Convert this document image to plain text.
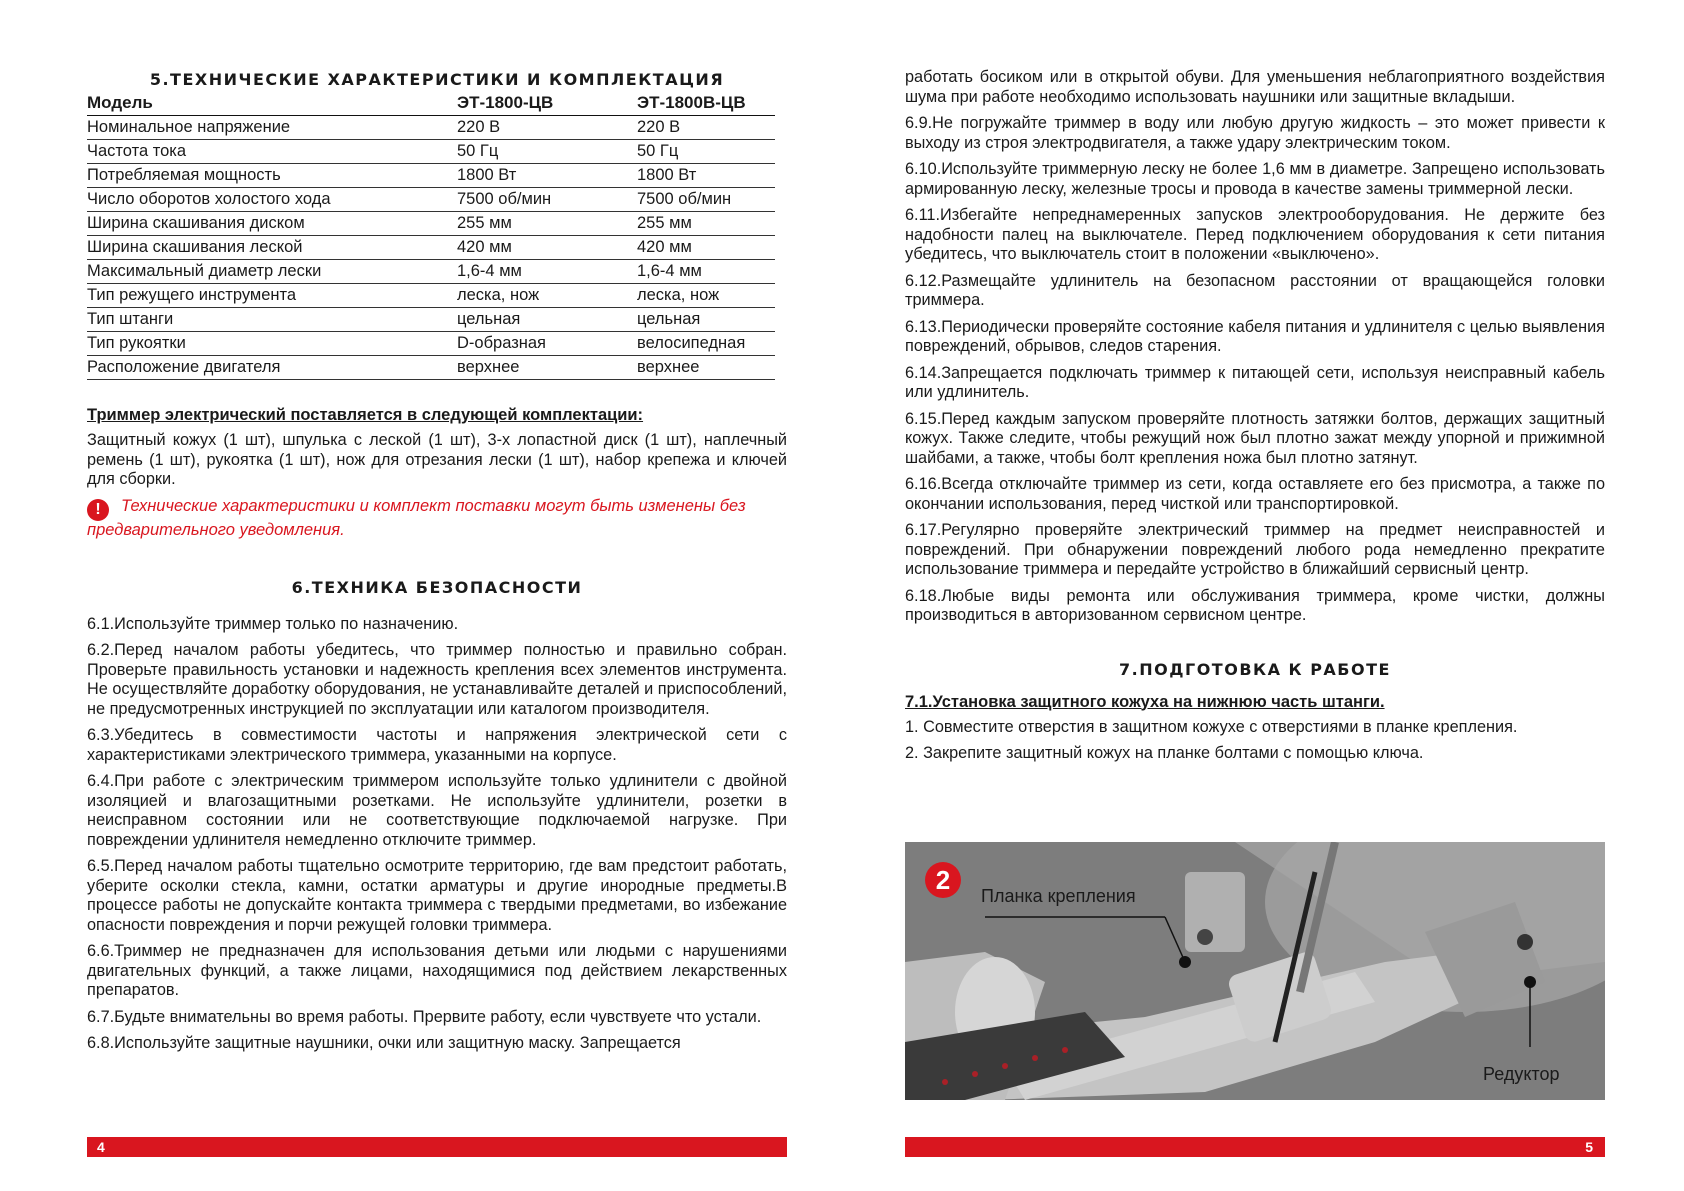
5.ТЕХНИЧЕСКИЕ ХАРАКТЕРИСТИКИ И КОМПЛЕКТАЦИЯ
Модель	ЭТ-1800-ЦВ	ЭТ-1800В-ЦВ
Номинальное напряжение	220 В	220 В
Частота тока	50 Гц	50 Гц
Потребляемая мощность	1800 Вт	1800 Вт
Число оборотов холостого хода	7500 об/мин	7500 об/мин
Ширина скашивания диском	255 мм	255 мм
Ширина скашивания леской	420 мм	420 мм
Максимальный диаметр лески	1,6-4 мм	1,6-4 мм
Тип режущего инструмента	леска, нож	леска, нож
Тип штанги	цельная	цельная
Тип рукоятки	D-образная	велосипедная
Расположение двигателя	верхнее	верхнее

Триммер электрический поставляется в следующей комплектации:

Защитный кожух (1 шт), шпулька с леской (1 шт), 3-х лопастной диск (1 шт), наплечный ремень (1 шт), рукоятка (1 шт), нож для отрезания лески (1 шт), набор крепежа и ключей для сборки.

! Технические характеристики и комплект поставки могут быть изменены без предварительного уведомления.

6.ТЕХНИКА БЕЗОПАСНОСТИ

6.1.Используйте триммер только по назначению.

6.2.Перед началом работы убедитесь, что триммер полностью и правильно собран. Проверьте правильность установки и надежность крепления всех элементов инструмента. Не осуществляйте доработку оборудования, не устанавливайте деталей и приспособлений, не предусмотренных инструкцией по эксплуатации или каталогом производителя.

6.3.Убедитесь в совместимости частоты и напряжения электрической сети с характеристиками электрического триммера, указанными на корпусе.

6.4.При работе с электрическим триммером используйте только удлинители с двойной изоляцией и влагозащитными розетками. Не используйте удлинители, розетки в неисправном состоянии или не соответствующие подключаемой нагрузке. При повреждении удлинителя немедленно отключите триммер.

6.5.Перед началом работы тщательно осмотрите территорию, где вам предстоит работать, уберите осколки стекла, камни, остатки арматуры и другие инородные предметы.В процессе работы не допускайте контакта триммера с твердыми предметами, во избежание опасности повреждения и порчи режущей головки триммера.

6.6.Триммер не предназначен для использования детьми или людьми с нарушениями двигательных функций, а также лицами, находящимися под действием лекарственных препаратов.

6.7.Будьте внимательны во время работы. Прервите работу, если чувствуете что устали.

6.8.Используйте защитные наушники, очки или защитную маску. Запрещается

работать босиком или в открытой обуви. Для уменьшения неблагоприятного воздействия шума при работе необходимо использовать наушники или защитные вкладыши.

6.9.Не погружайте триммер в воду или любую другую жидкость – это может привести к выходу из строя электродвигателя, а также удару электрическим током.

6.10.Используйте триммерную леску не более 1,6 мм в диаметре. Запрещено использовать армированную леску, железные тросы и провода в качестве замены триммерной лески.

6.11.Избегайте непреднамеренных запусков электрооборудования. Не держите без надобности палец на выключателе. Перед подключением оборудования к сети питания убедитесь, что выключатель стоит в положении «выключено».

6.12.Размещайте удлинитель на безопасном расстоянии от вращающейся головки триммера.

6.13.Периодически проверяйте состояние кабеля питания и удлинителя с целью выявления повреждений, обрывов, следов старения.

6.14.Запрещается подключать триммер к питающей сети, используя неисправный кабель или удлинитель.

6.15.Перед каждым запуском проверяйте плотность затяжки болтов, держащих защитный кожух. Также следите, чтобы режущий нож был плотно зажат между упорной и прижимной шайбами, а также, чтобы болт крепления ножа был плотно затянут.

6.16.Всегда отключайте триммер из сети, когда оставляете его без присмотра, а также по окончании использования, перед чисткой или транспортировкой.

6.17.Регулярно проверяйте электрический триммер на предмет неисправностей и повреждений. При обнаружении повреждений любого рода немедленно прекратите использование триммера и передайте устройство в ближайший сервисный центр.

6.18.Любые виды ремонта или обслуживания триммера, кроме чистки, должны производиться в авторизованном сервисном центре.

7.ПОДГОТОВКА К РАБОТЕ

7.1.Установка защитного кожуха на нижнюю часть штанги.

1. Совместите отверстия в защитном кожухе с отверстиями в планке крепления.

2. Закрепите защитный кожух на планке болтами с помощью ключа.

2
Планка крепления
Редуктор
4	5
